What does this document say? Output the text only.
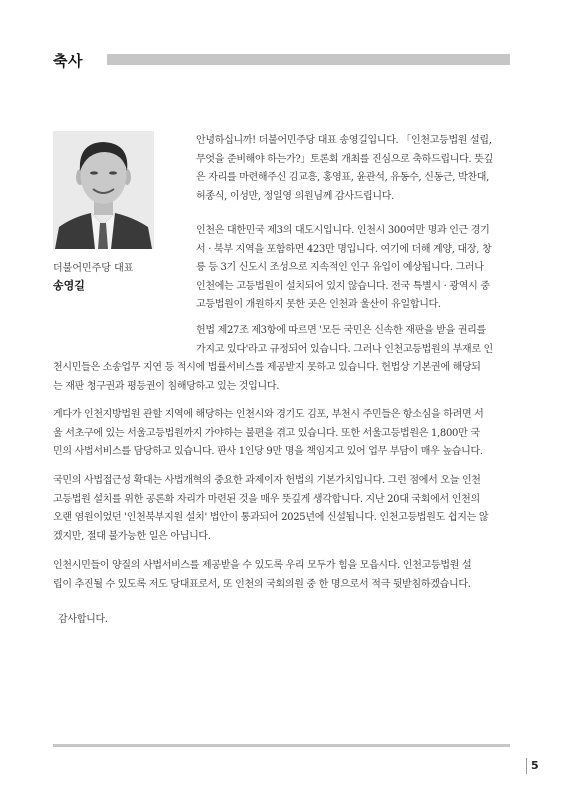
축사
더불어민주당 대표
송영길

안녕하십니까! 더불어민주당 대표 송영길입니다. 「인천고등법원 설립,
무엇을 준비해야 하는가?」토론회 개최를 진심으로 축하드립니다. 뜻깊
은 자리를 마련해주신 김교흥, 홍영표, 윤관석, 유동수, 신동근, 박찬대,
허종식, 이성만, 정일영 의원님께 감사드립니다.

인천은 대한민국 제3의 대도시입니다. 인천시 300여만 명과 인근 경기
서 · 북부 지역을 포함하면 423만 명입니다. 여기에 더해 계양, 대장, 창
릉 등 3기 신도시 조성으로 지속적인 인구 유입이 예상됩니다. 그러나
인천에는 고등법원이 설치되어 있지 않습니다. 전국 특별시 · 광역시 중
고등법원이 개원하지 못한 곳은 인천과 울산이 유일합니다.

헌법 제27조 제3항에 따르면 '모든 국민은 신속한 재판을 받을 권리를
가지고 있다'라고 규정되어 있습니다. 그러나 인천고등법원의 부재로 인

천시민들은 소송업무 지연 등 적시에 법률서비스를 제공받지 못하고 있습니다. 헌법상 기본권에 해당되
는 재판 청구권과 평등권이 침해당하고 있는 것입니다.

게다가 인천지방법원 관할 지역에 해당하는 인천시와 경기도 김포, 부천시 주민들은 항소심을 하려면 서
울 서초구에 있는 서울고등법원까지 가야하는 불편을 겪고 있습니다. 또한 서울고등법원은 1,800만 국
민의 사법서비스를 담당하고 있습니다. 판사 1인당 9만 명을 책임지고 있어 업무 부담이 매우 높습니다.

국민의 사법접근성 확대는 사법개혁의 중요한 과제이자 헌법의 기본가치입니다. 그런 점에서 오늘 인천
고등법원 설치를 위한 공론화 자리가 마련된 것을 매우 뜻깊게 생각합니다. 지난 20대 국회에서 인천의
오랜 염원이었던 '인천북부지원 설치' 법안이 통과되어 2025년에 신설됩니다. 인천고등법원도 쉽지는 않
겠지만, 절대 불가능한 일은 아닙니다.

인천시민들이 양질의 사법서비스를 제공받을 수 있도록 우리 모두가 힘을 모읍시다. 인천고등법원 설
립이 추진될 수 있도록 저도 당대표로서, 또 인천의 국회의원 중 한 명으로서 적극 뒷받침하겠습니다.

감사합니다.

5
